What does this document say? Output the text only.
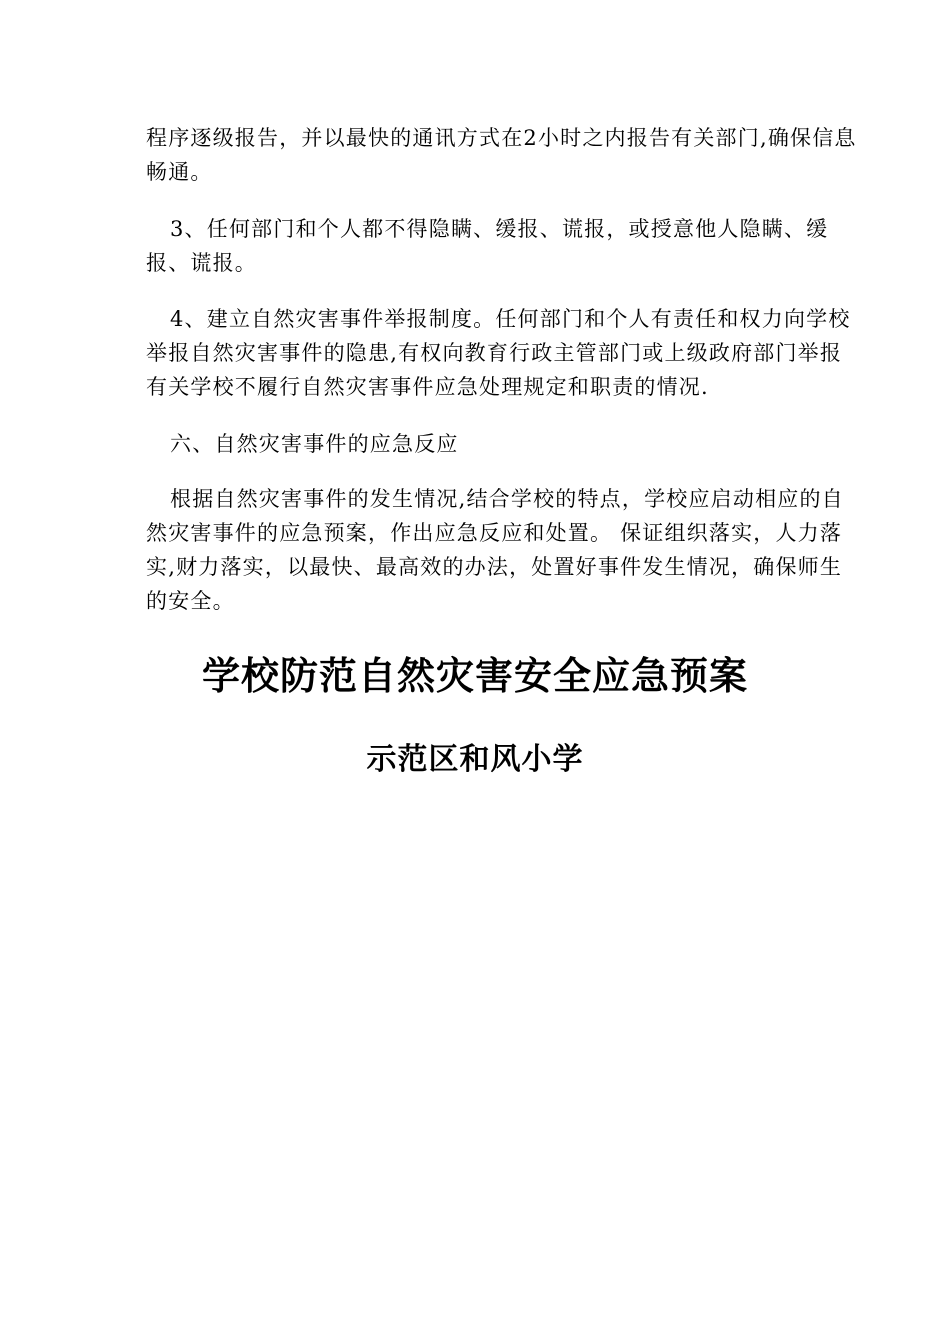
程序逐级报告，并以最快的通讯方式在2小时之内报告有关部门,确保信息畅通。

3、任何部门和个人都不得隐瞒、缓报、谎报，或授意他人隐瞒、缓报、谎报。

4、建立自然灾害事件举报制度。任何部门和个人有责任和权力向学校举报自然灾害事件的隐患,有权向教育行政主管部门或上级政府部门举报有关学校不履行自然灾害事件应急处理规定和职责的情况.

六、自然灾害事件的应急反应

根据自然灾害事件的发生情况,结合学校的特点，学校应启动相应的自然灾害事件的应急预案，作出应急反应和处置。 保证组织落实，人力落实,财力落实，以最快、最高效的办法，处置好事件发生情况，确保师生的安全。

学校防范自然灾害安全应急预案
示范区和风小学
